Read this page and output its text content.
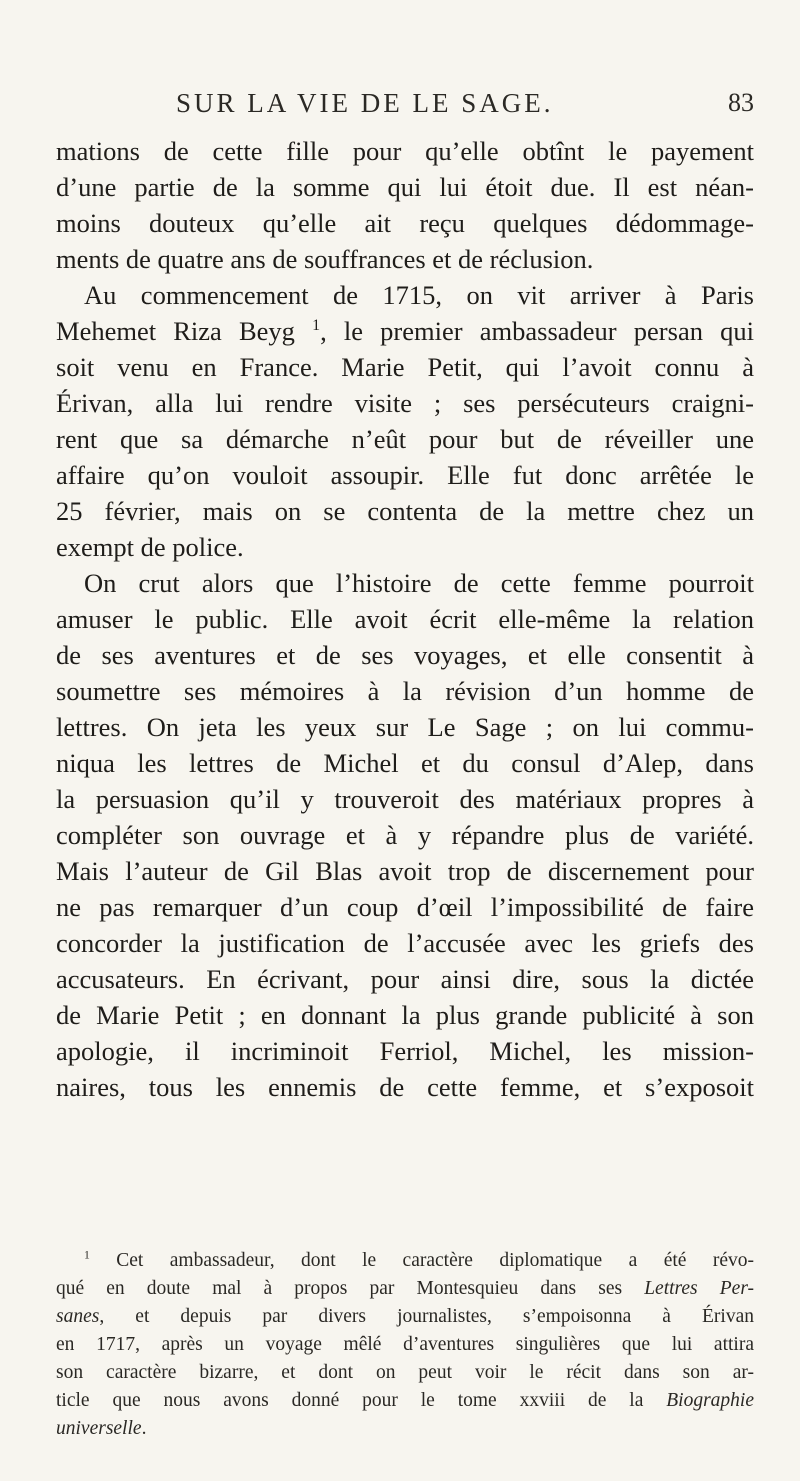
SUR LA VIE DE LE SAGE.	83
mations de cette fille pour qu’elle obtînt le payement
d’une partie de la somme qui lui étoit due. Il est néan-
moins douteux qu’elle ait reçu quelques dédommage-
ments de quatre ans de souffrances et de réclusion.
Au commencement de 1715, on vit arriver à Paris
Mehemet Riza Beyg $^1$, le premier ambassadeur persan qui
soit venu en France. Marie Petit, qui l’avoit connu à
Érivan, alla lui rendre visite ; ses persécuteurs craigni-
rent que sa démarche n’eût pour but de réveiller une
affaire qu’on vouloit assoupir. Elle fut donc arrêtée le
25 février, mais on se contenta de la mettre chez un
exempt de police.
On crut alors que l’histoire de cette femme pourroit
amuser le public. Elle avoit écrit elle-même la relation
de ses aventures et de ses voyages, et elle consentit à
soumettre ses mémoires à la révision d’un homme de
lettres. On jeta les yeux sur Le Sage ; on lui commu-
niqua les lettres de Michel et du consul d’Alep, dans
la persuasion qu’il y trouveroit des matériaux propres à
compléter son ouvrage et à y répandre plus de variété.
Mais l’auteur de Gil Blas avoit trop de discernement pour
ne pas remarquer d’un coup d’œil l’impossibilité de faire
concorder la justification de l’accusée avec les griefs des
accusateurs. En écrivant, pour ainsi dire, sous la dictée
de Marie Petit ; en donnant la plus grande publicité à son
apologie, il incriminoit Ferriol, Michel, les mission-
naires, tous les ennemis de cette femme, et s’exposoit
$^1$ Cet ambassadeur, dont le caractère diplomatique a été révo-
qué en doute mal à propos par Montesquieu dans ses Lettres Per-
sanes, et depuis par divers journalistes, s’empoisonna à Érivan
en 1717, après un voyage mêlé d’aventures singulières que lui attira
son caractère bizarre, et dont on peut voir le récit dans son ar-
ticle que nous avons donné pour le tome xxviii de la Biographie
universelle.
